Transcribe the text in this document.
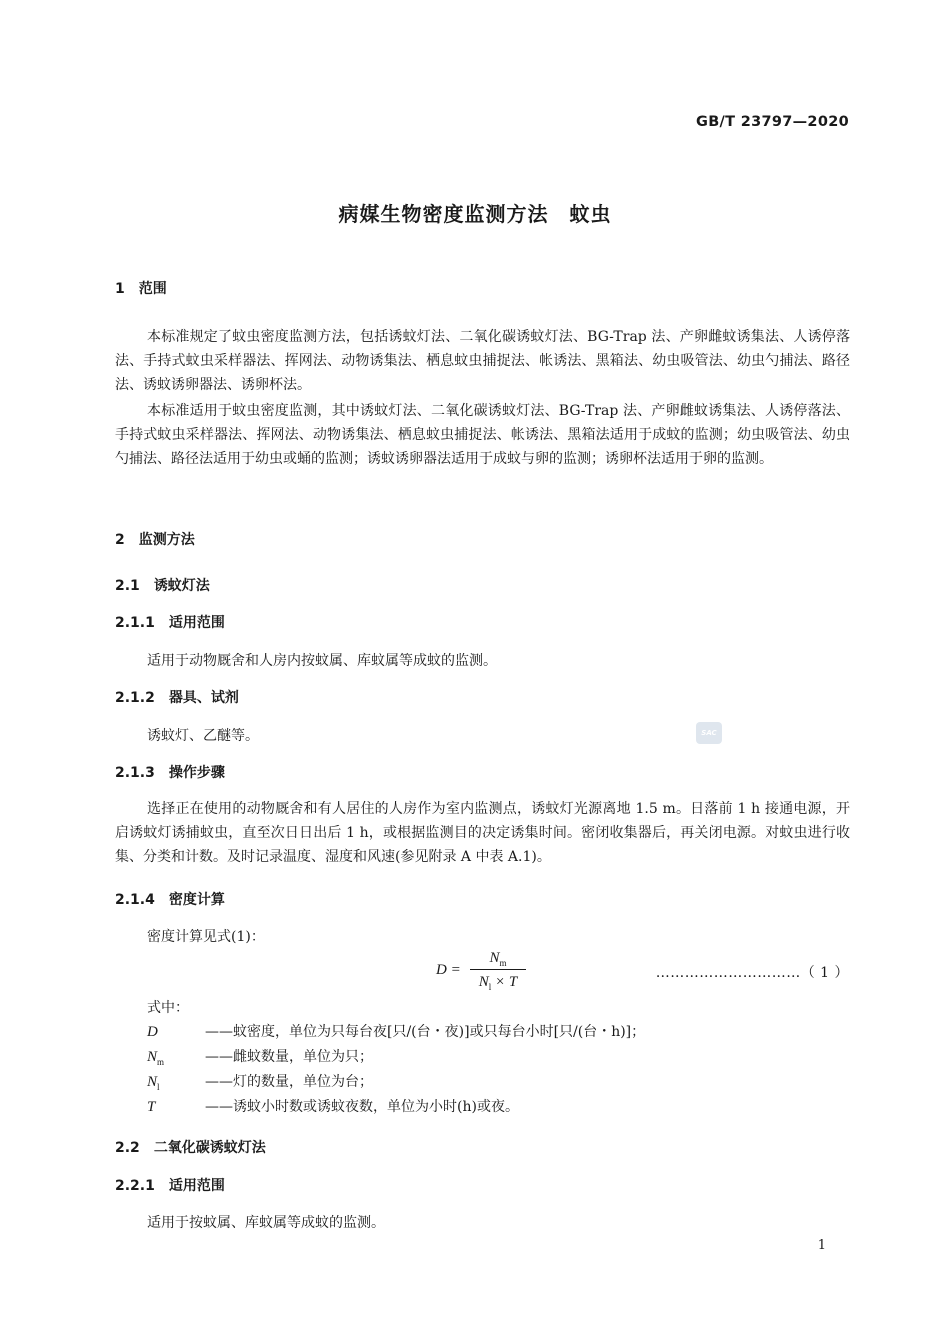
GB/T 23797—2020
病媒生物密度监测方法　蚊虫
1 范围
本标准规定了蚊虫密度监测方法，包括诱蚊灯法、二氧化碳诱蚊灯法、BG-Trap 法、产卵雌蚊诱集法、人诱停落法、手持式蚊虫采样器法、挥网法、动物诱集法、栖息蚊虫捕捉法、帐诱法、黑箱法、幼虫吸管法、幼虫勺捕法、路径法、诱蚊诱卵器法、诱卵杯法。
本标准适用于蚊虫密度监测，其中诱蚊灯法、二氧化碳诱蚊灯法、BG-Trap 法、产卵雌蚊诱集法、人诱停落法、手持式蚊虫采样器法、挥网法、动物诱集法、栖息蚊虫捕捉法、帐诱法、黑箱法适用于成蚊的监测；幼虫吸管法、幼虫勺捕法、路径法适用于幼虫或蛹的监测；诱蚊诱卵器法适用于成蚊与卵的监测；诱卵杯法适用于卵的监测。
2 监测方法
2.1 诱蚊灯法
2.1.1 适用范围
适用于动物厩舍和人房内按蚊属、库蚊属等成蚊的监测。
2.1.2 器具、试剂
诱蚊灯、乙醚等。	SAC
2.1.3 操作步骤
选择正在使用的动物厩舍和有人居住的人房作为室内监测点，诱蚊灯光源离地 1.5 m。日落前 1 h 接通电源，开启诱蚊灯诱捕蚊虫，直至次日日出后 1 h，或根据监测目的决定诱集时间。密闭收集器后，再关闭电源。对蚊虫进行收集、分类和计数。及时记录温度、湿度和风速(参见附录 A 中表 A.1)。
2.1.4 密度计算
密度计算见式(1)：
D =
$N_m$
$N_l \times T$
…………………………（ 1 ）
式中：
D	——蚊密度，单位为只每台夜[只/(台・夜)]或只每台小时[只/(台・h)]；
$N_m$	——雌蚊数量，单位为只；
$N_l$	——灯的数量，单位为台；
T	——诱蚊小时数或诱蚊夜数，单位为小时(h)或夜。
2.2 二氧化碳诱蚊灯法
2.2.1 适用范围
适用于按蚊属、库蚊属等成蚊的监测。
1
